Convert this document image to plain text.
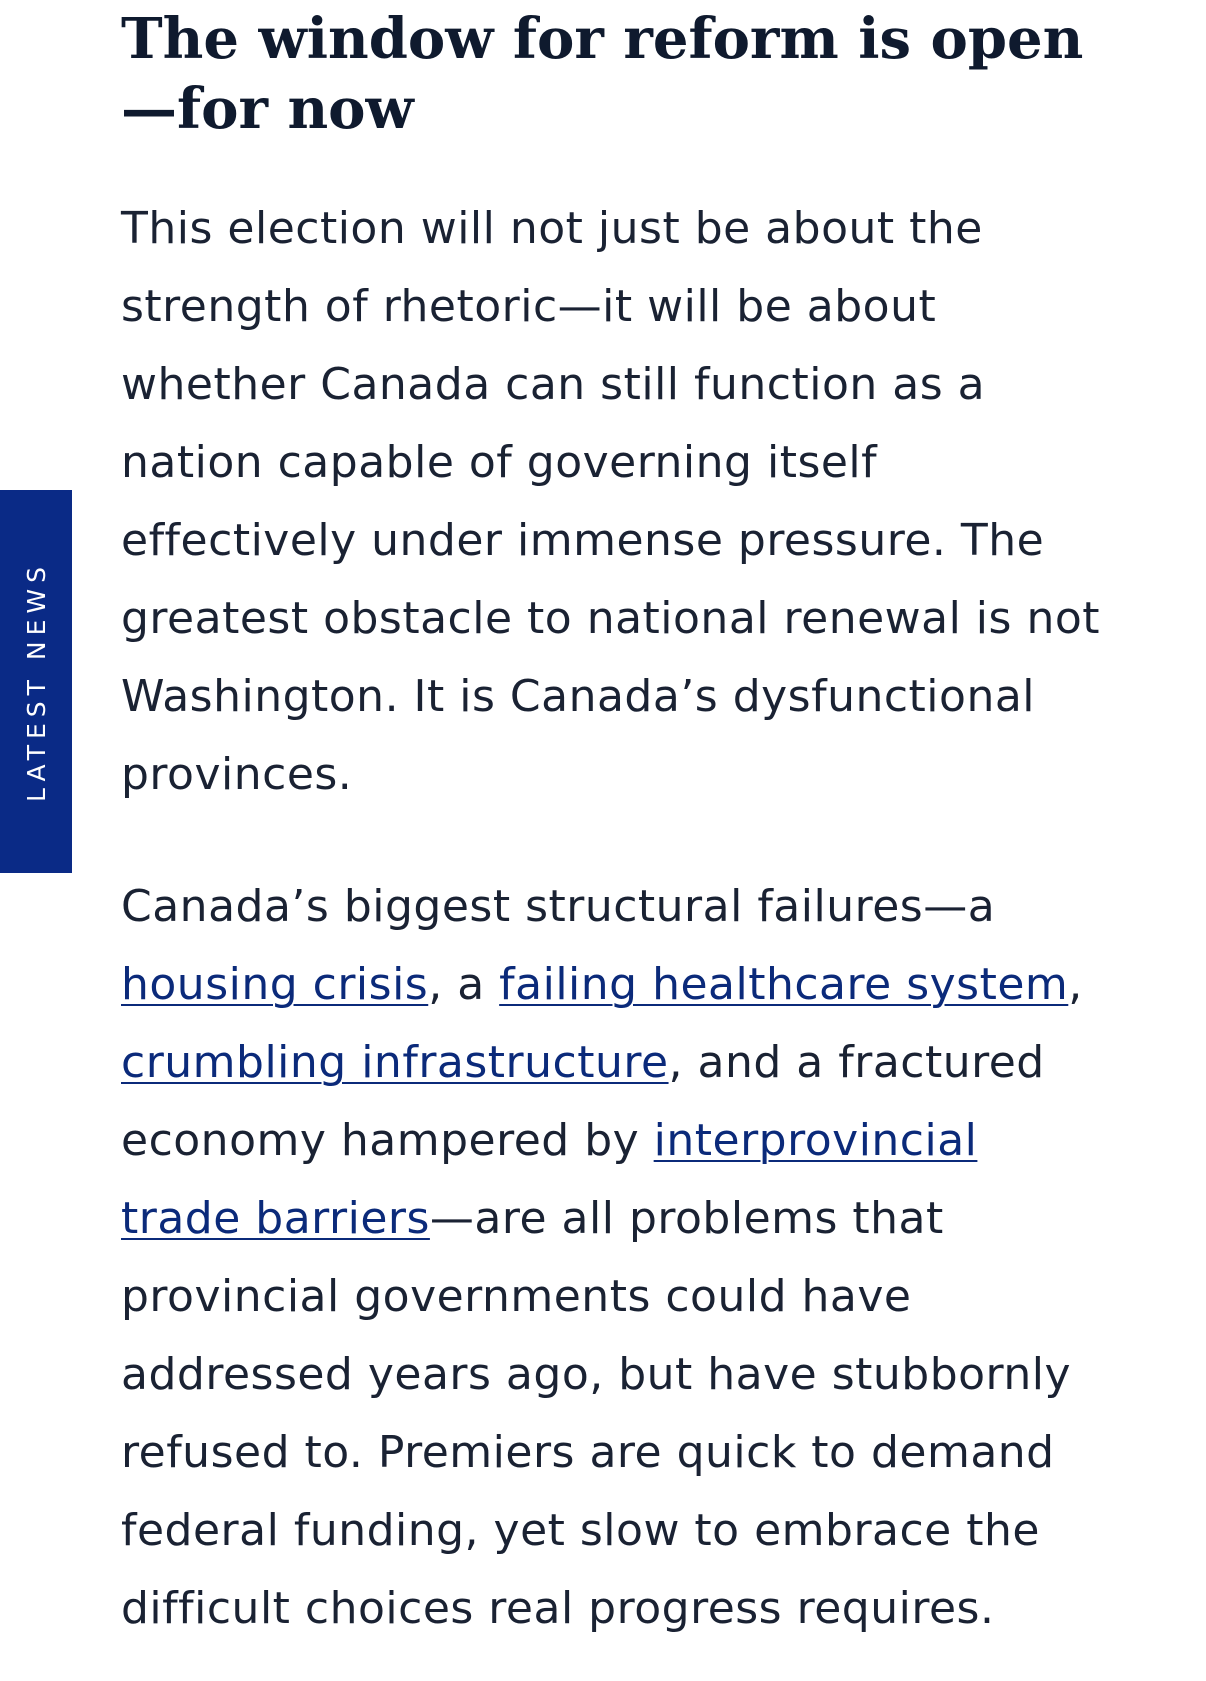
LATEST NEWS
The window for reform is open—for now

This election will not just be about the strength of rhetoric—it will be about whether Canada can still function as a nation capable of governing itself effectively under immense pressure. The greatest obstacle to national renewal is not Washington. It is Canada’s dysfunctional provinces.

Canada’s biggest structural failures—a housing crisis, a failing healthcare system, crumbling infrastructure, and a fractured economy hampered by interprovincial trade barriers—are all problems that provincial governments could have addressed years ago, but have stubbornly refused to. Premiers are quick to demand federal funding, yet slow to embrace the difficult choices real progress requires.
